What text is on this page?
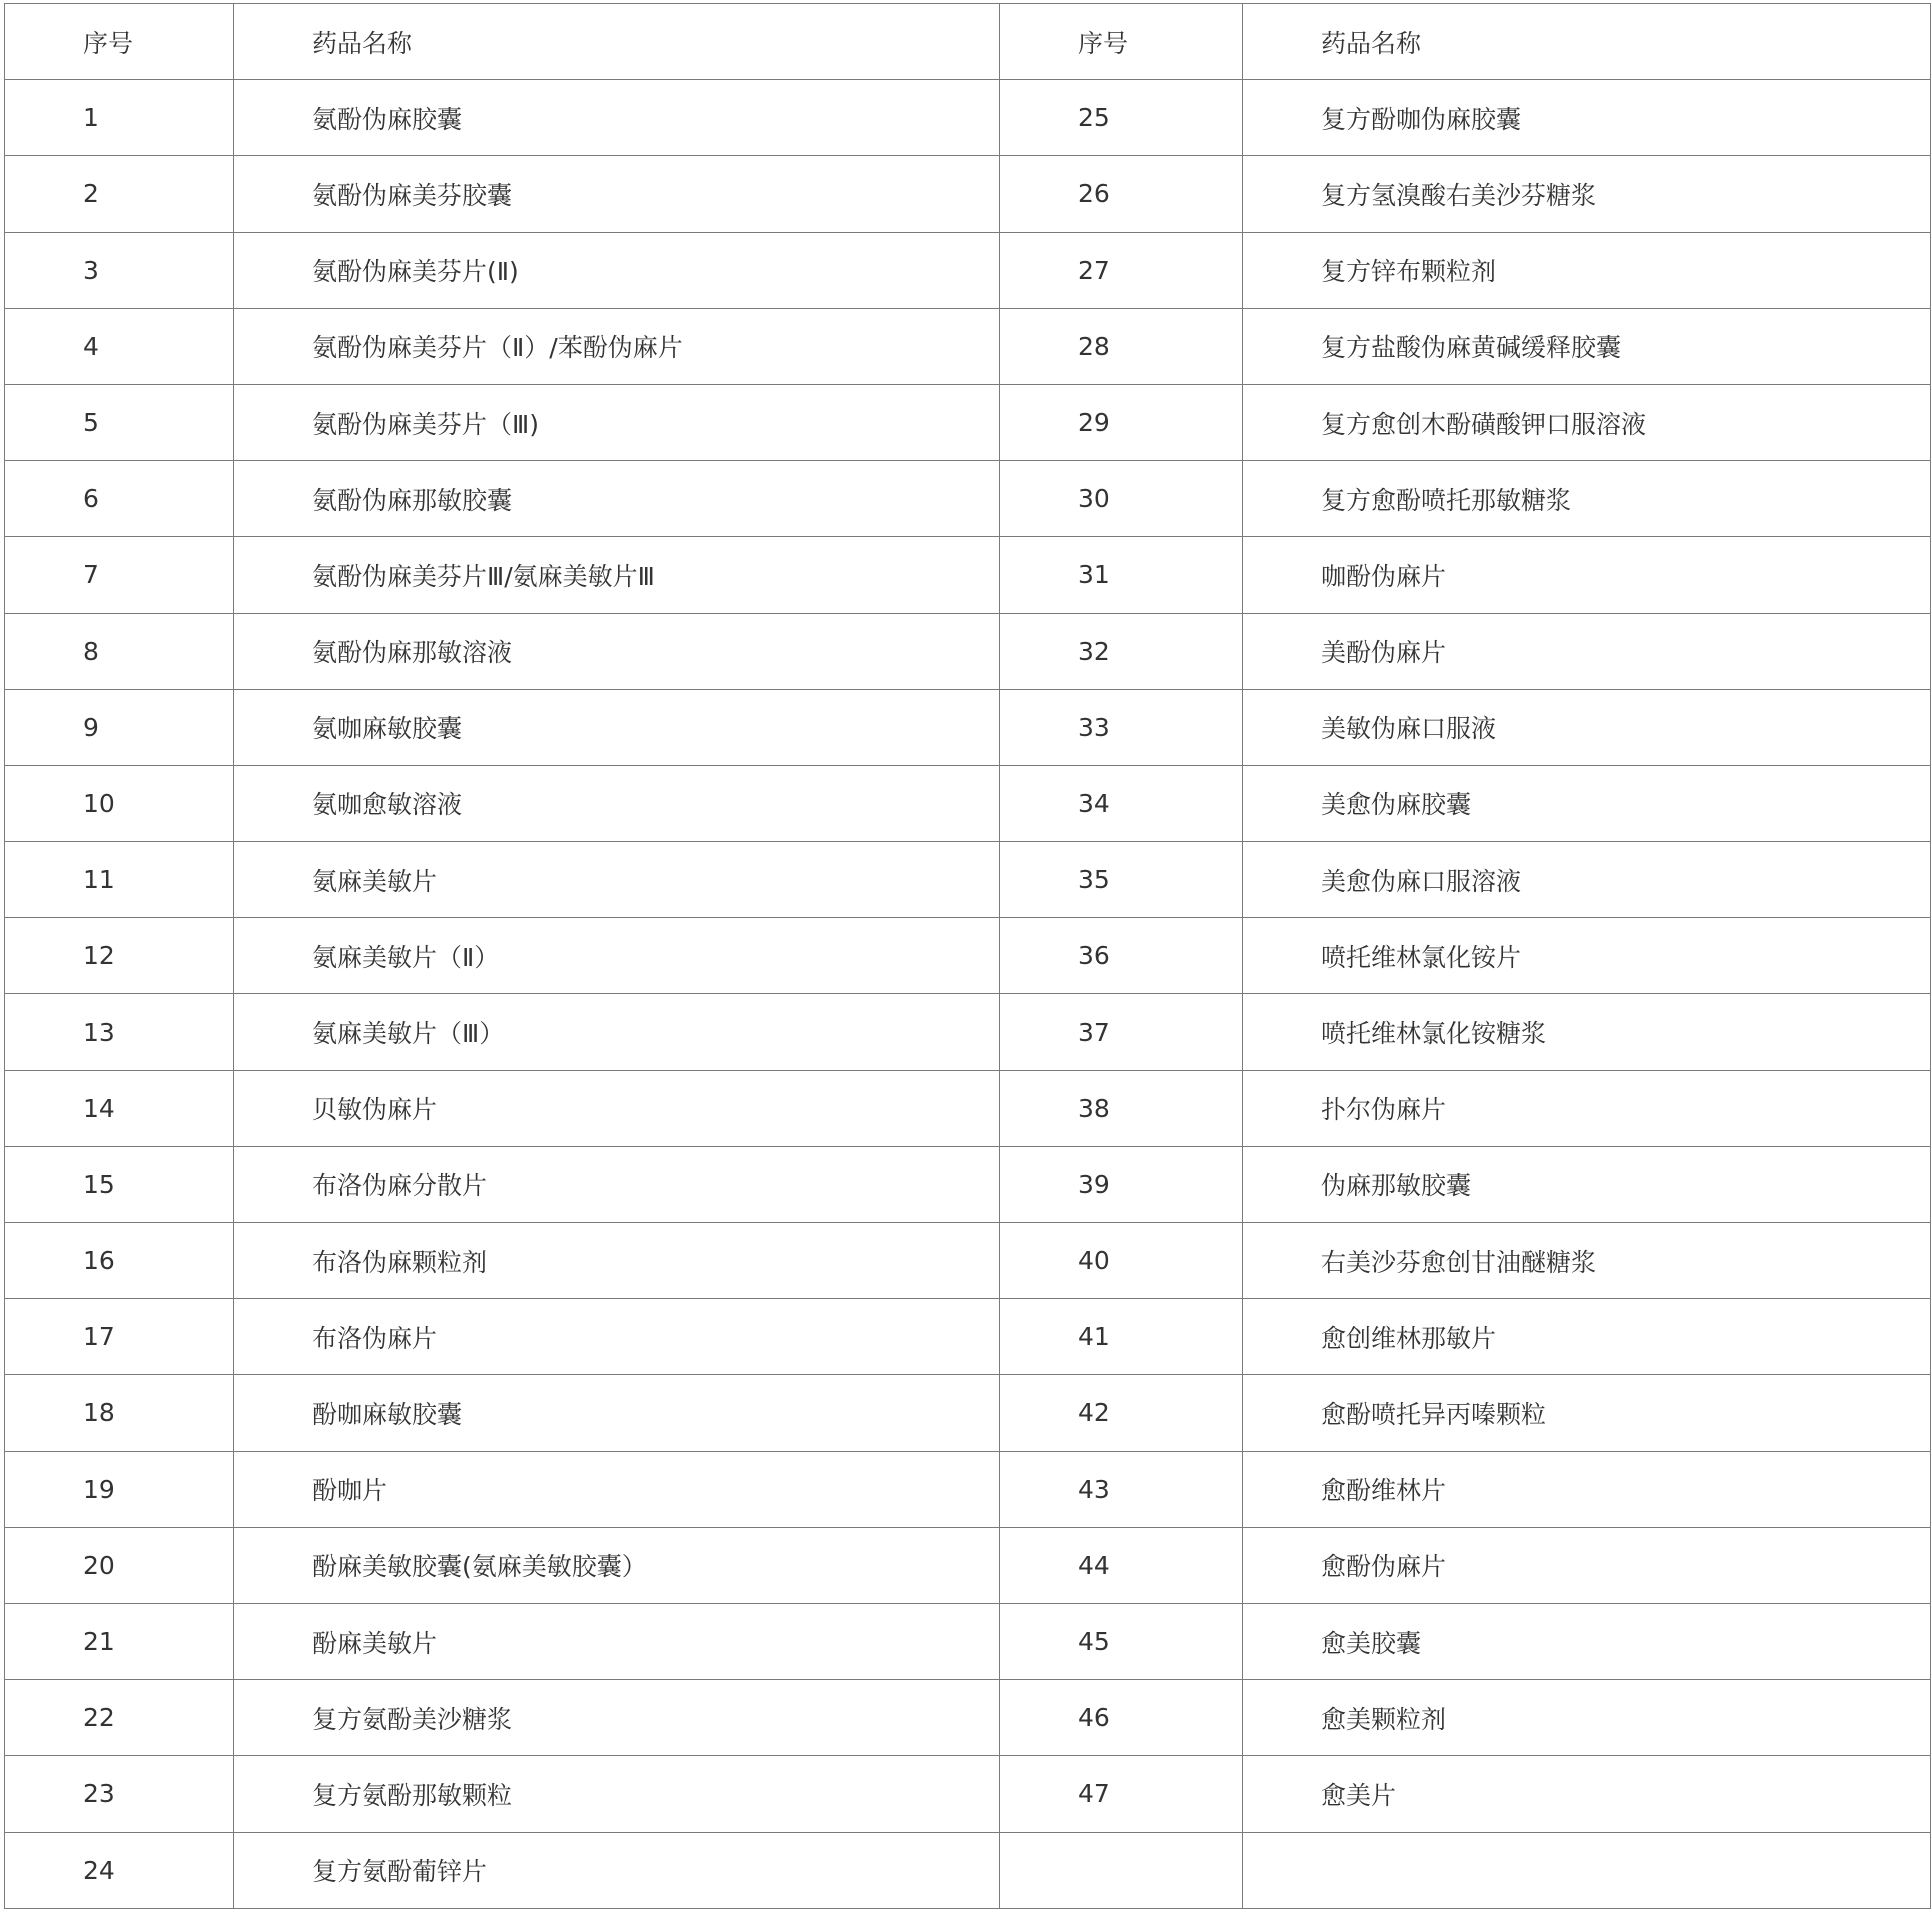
序号	药品名称	序号	药品名称
1	氨酚伪麻胶囊	25	复方酚咖伪麻胶囊
2	氨酚伪麻美芬胶囊	26	复方氢溴酸右美沙芬糖浆
3	氨酚伪麻美芬片(Ⅱ)	27	复方锌布颗粒剂
4	氨酚伪麻美芬片（Ⅱ）/苯酚伪麻片	28	复方盐酸伪麻黄碱缓释胶囊
5	氨酚伪麻美芬片（Ⅲ)	29	复方愈创木酚磺酸钾口服溶液
6	氨酚伪麻那敏胶囊	30	复方愈酚喷托那敏糖浆
7	氨酚伪麻美芬片Ⅲ/氨麻美敏片Ⅲ	31	咖酚伪麻片
8	氨酚伪麻那敏溶液	32	美酚伪麻片
9	氨咖麻敏胶囊	33	美敏伪麻口服液
10	氨咖愈敏溶液	34	美愈伪麻胶囊
11	氨麻美敏片	35	美愈伪麻口服溶液
12	氨麻美敏片（Ⅱ）	36	喷托维林氯化铵片
13	氨麻美敏片（Ⅲ）	37	喷托维林氯化铵糖浆
14	贝敏伪麻片	38	扑尔伪麻片
15	布洛伪麻分散片	39	伪麻那敏胶囊
16	布洛伪麻颗粒剂	40	右美沙芬愈创甘油醚糖浆
17	布洛伪麻片	41	愈创维林那敏片
18	酚咖麻敏胶囊	42	愈酚喷托异丙嗪颗粒
19	酚咖片	43	愈酚维林片
20	酚麻美敏胶囊(氨麻美敏胶囊）	44	愈酚伪麻片
21	酚麻美敏片	45	愈美胶囊
22	复方氨酚美沙糖浆	46	愈美颗粒剂
23	复方氨酚那敏颗粒	47	愈美片
24	复方氨酚葡锌片		
